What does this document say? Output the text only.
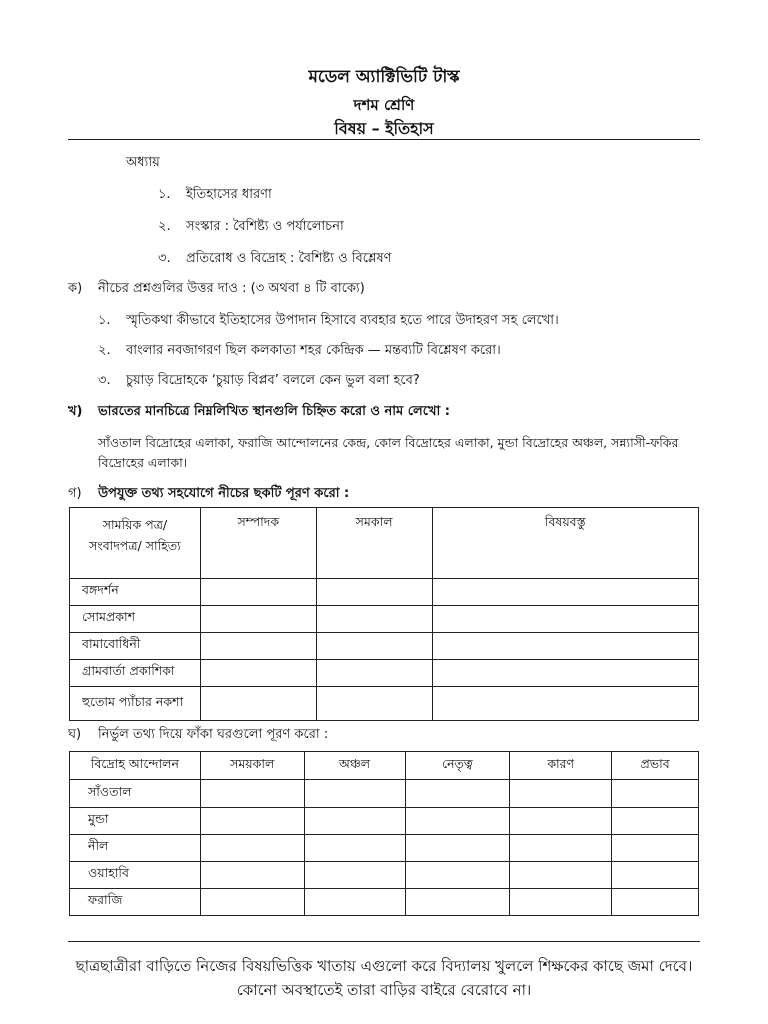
মডেল অ্যাক্টিভিটি টাস্ক
দশম শ্রেণি
বিষয় – ইতিহাস
অধ্যায়
১. ইতিহাসের ধারণা
২. সংস্কার : বৈশিষ্ট্য ও পর্যালোচনা
৩. প্রতিরোধ ও বিদ্রোহ : বৈশিষ্ট্য ও বিশ্লেষণ
ক) নীচের প্রশ্নগুলির উত্তর দাও : (৩ অথবা ৪ টি বাক্যে)
১. স্মৃতিকথা কীভাবে ইতিহাসের উপাদান হিসাবে ব্যবহার হতে পারে উদাহরণ সহ লেখো।
২. বাংলার নবজাগরণ ছিল কলকাতা শহর কেন্দ্রিক — মন্তব্যটি বিশ্লেষণ করো।
৩. চুয়াড় বিদ্রোহকে ‘চুয়াড় বিপ্লব’ বললে কেন ভুল বলা হবে?
খ) ভারতের মানচিত্রে নিম্নলিখিত স্থানগুলি চিহ্নিত করো ও নাম লেখো :
সাঁওতাল বিদ্রোহের এলাকা, ফরাজি আন্দোলনের কেন্দ্র, কোল বিদ্রোহের এলাকা, মুন্ডা বিদ্রোহের অঞ্চল, সন্ন্যাসী-ফকির
বিদ্রোহের এলাকা।
গ) উপযুক্ত তথ্য সহযোগে নীচের ছকটি পূরণ করো :
সাময়িক পত্র/ সংবাদপত্র/ সাহিত্য	সম্পাদক	সমকাল	বিষয়বস্তু
বঙ্গদর্শন			
সোমপ্রকাশ			
বামাবোধিনী			
গ্রামবার্তা প্রকাশিকা			
হুতোম প্যাঁচার নকশা			
ঘ) নির্ভুল তথ্য দিয়ে ফাঁকা ঘরগুলো পূরণ করো :
বিদ্রোহ আন্দোলন	সময়কাল	অঞ্চল	নেতৃত্ব	কারণ	প্রভাব
সাঁওতাল					
মুন্ডা					
নীল					
ওয়াহাবি					
ফরাজি					
ছাত্রছাত্রীরা বাড়িতে নিজের বিষয়ভিত্তিক খাতায় এগুলো করে বিদ্যালয় খুললে শিক্ষকের কাছে জমা দেবে।
কোনো অবস্থাতেই তারা বাড়ির বাইরে বেরোবে না।
